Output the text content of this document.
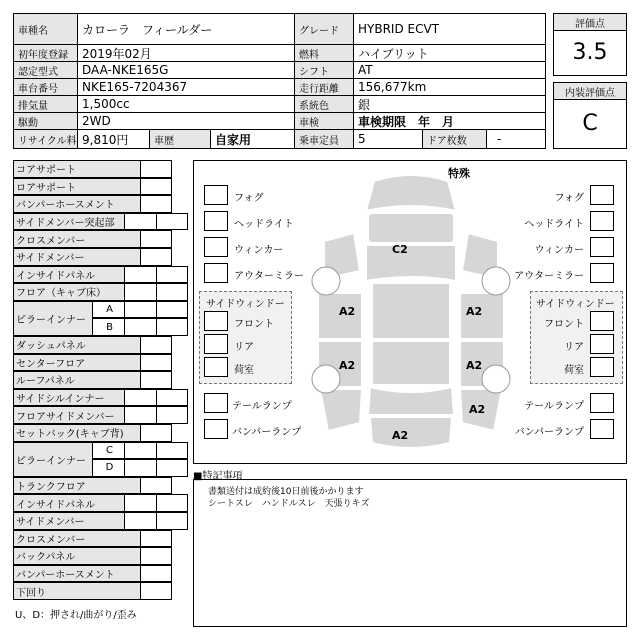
車種名	カローラ　フィールダー	グレード	HYBRID ECVT
初年度登録	2019年02月	燃料	ハイブリット
認定型式	DAA-NKE165G	シフト	AT
車台番号	NKE165-7204367	走行距離	156,677km
排気量	1,500cc	系統色	銀
駆動	2WD	車検	車検期限　年　月
リサイクル料 9,810円	車歴	自家用	乗車定員	5	ドア枚数	-
評価点
3.5
内装評価点
C
コアサポート
ロアサポート
バンパーホースメント
サイドメンバー突起部
クロスメンバー
サイドメンバー
インサイドパネル
フロア（キャブ床）
ピラーインナー
A
B
ダッシュパネル
センターフロア
ルーフパネル
サイドシルインナー
フロアサイドメンバー
セットバック(キャブ背)
ピラーインナー
C
D
トランクフロア
インサイドパネル
サイドメンバー
クロスメンバー
バックパネル
バンパーホースメント
下回り
U、D：押され/曲がり/歪み
特殊
フォグ
ヘッドライト
ウィンカー
アウターミラー
フォグ
ヘッドライト
ウィンカー
アウターミラー
サイドウィンドー
フロント
リア
荷室
サイドウィンドー
フロント
リア
荷室
テールランプ
バンパーランプ
テールランプ
バンパーランプ
C2
A2
A2
A2
A2
A2
A2
■特記事項
書類送付は成約後10日前後かかります
シートスレ　ハンドルスレ　天張りキズ
